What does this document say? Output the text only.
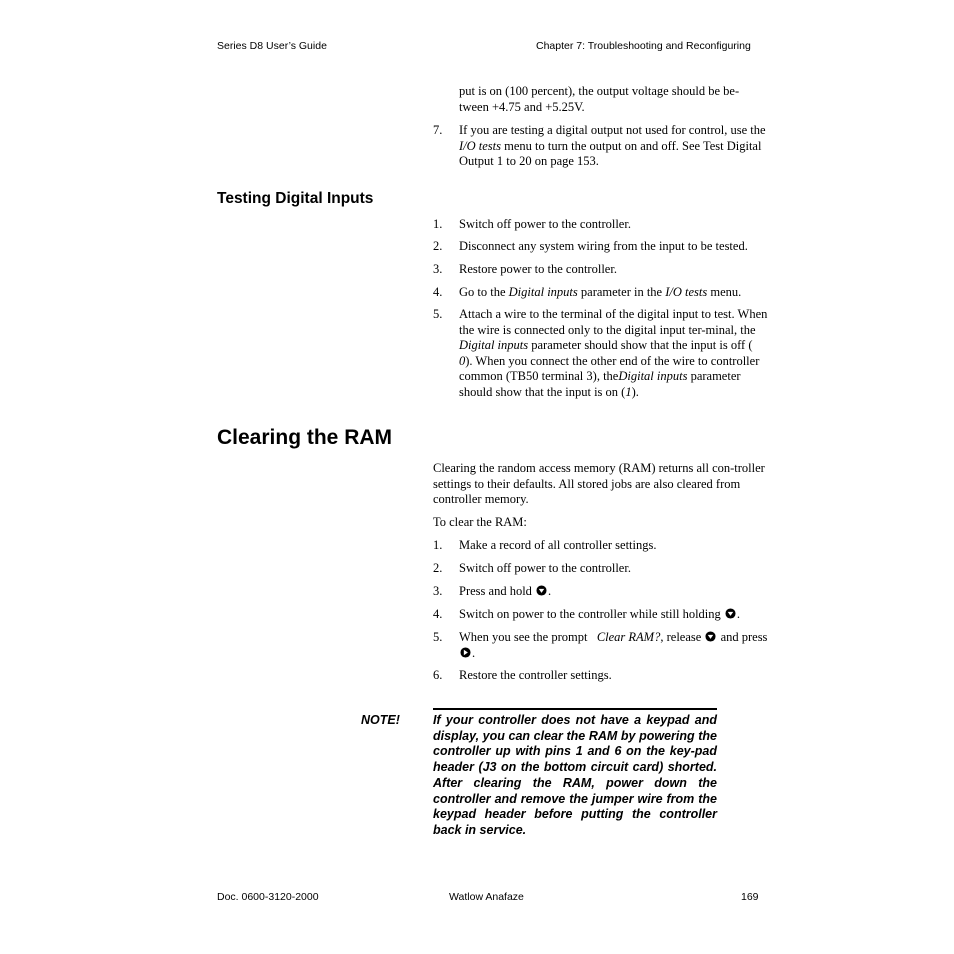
Series D8 User’s Guide	Chapter 7: Troubleshooting and Reconfiguring
put is on (100 percent), the output voltage should be be-
tween +4.75 and +5.25V.
7. If you are testing a digital output not used for control, use the I/O tests menu to turn the output on and off. See Test Digital Output 1 to 20 on page 153.
Testing Digital Inputs
1. Switch off power to the controller.
2. Disconnect any system wiring from the input to be tested.
3. Restore power to the controller.
4. Go to the Digital inputs parameter in the I/O tests menu.
5. Attach a wire to the terminal of the digital input to test. When the wire is connected only to the digital input ter-minal, the Digital inputs parameter should show that the input is off ( 0). When you connect the other end of the wire to controller common (TB50 terminal 3), theDigital inputs parameter should show that the input is on (1).
Clearing the RAM
Clearing the random access memory (RAM) returns all con-troller settings to their defaults. All stored jobs are also cleared from controller memory.
To clear the RAM:
1. Make a record of all controller settings.
2. Switch off power to the controller.
3. Press and hold .
4. Switch on power to the controller while still holding .
5. When you see the prompt   Clear RAM?, release  and press .
6. Restore the controller settings.
NOTE!	If your controller does not have a keypad and display, you can clear the RAM by powering the controller up with pins 1 and 6 on the key-pad header (J3 on the bottom circuit card) shorted. After clearing the RAM, power down the controller and remove the jumper wire from the keypad header before putting the controller back in service.
Doc. 0600-3120-2000	Watlow Anafaze	169
